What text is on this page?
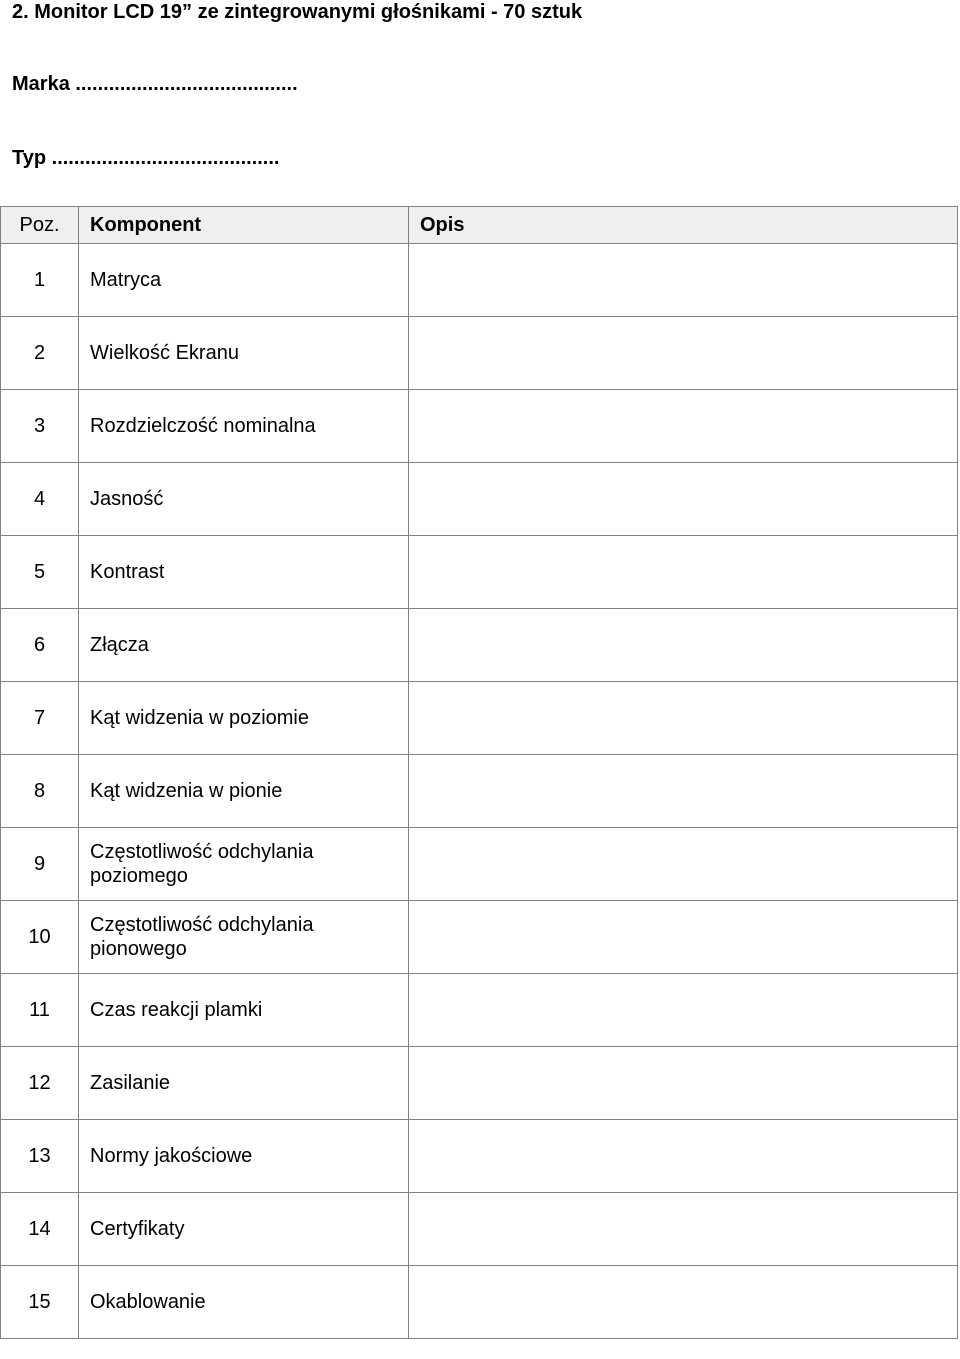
2. Monitor LCD 19” ze zintegrowanymi głośnikami - 70 sztuk
Marka ........................................
Typ .........................................
Poz.	Komponent	Opis
1	Matryca	
2	Wielkość Ekranu	
3	Rozdzielczość nominalna	
4	Jasność	
5	Kontrast	
6	Złącza	
7	Kąt widzenia w poziomie	
8	Kąt widzenia w pionie	
9	Częstotliwość odchylania poziomego	
10	Częstotliwość odchylania pionowego	
11	Czas reakcji plamki	
12	Zasilanie	
13	Normy jakościowe	
14	Certyfikaty	
15	Okablowanie	
